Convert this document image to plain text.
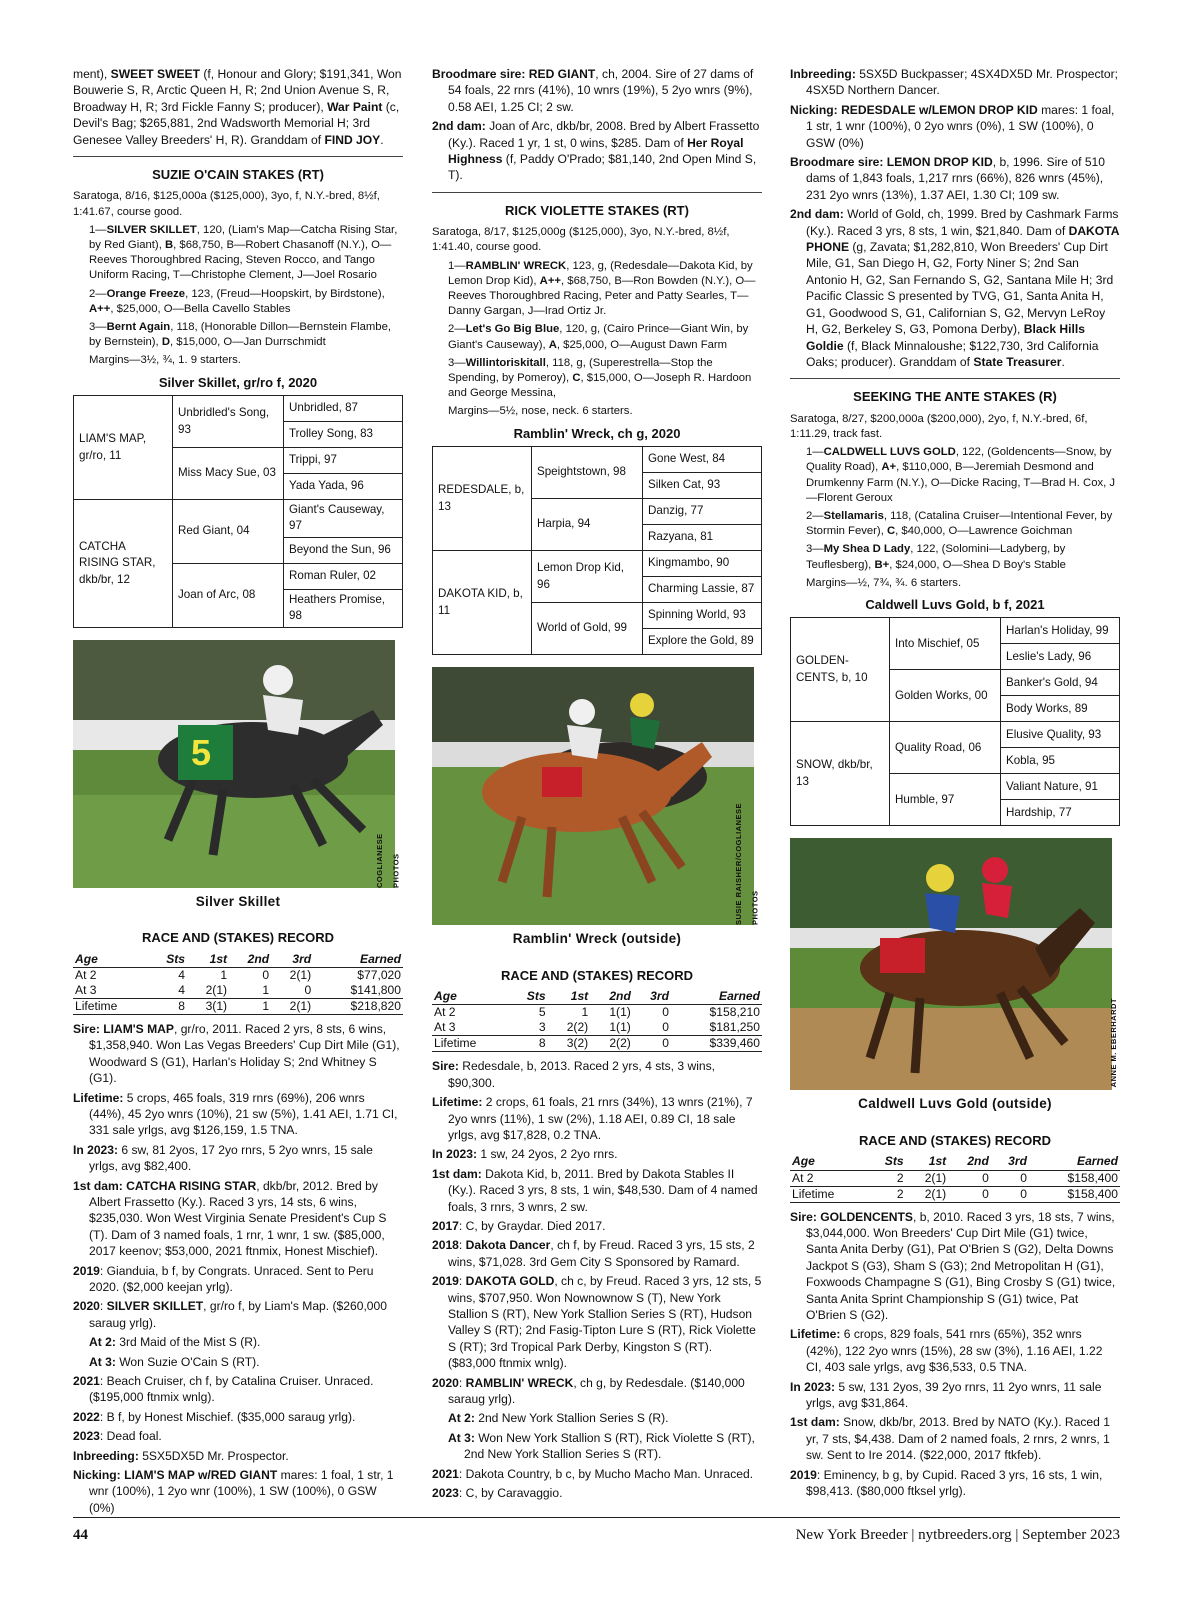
ment), SWEET SWEET (f, Honour and Glory; $191,341, Won Bouwerie S, R, Arctic Queen H, R; 2nd Union Avenue S, R, Broadway H, R; 3rd Fickle Fanny S; producer), War Paint (c, Devil's Bag; $265,881, 2nd Wadsworth Memorial H; 3rd Genesee Valley Breeders' H, R). Granddam of FIND JOY.

SUZIE O'CAIN STAKES (RT)

Saratoga, 8/16, $125,000a ($125,000), 3yo, f, N.Y.-bred, 8½f, 1:41.67, course good.

1—SILVER SKILLET, 120, (Liam's Map—Catcha Rising Star, by Red Giant), B, $68,750, B—Robert Chasanoff (N.Y.), O—Reeves Thoroughbred Racing, Steven Rocco, and Tango Uniform Racing, T—Christophe Clement, J—Joel Rosario

2—Orange Freeze, 123, (Freud—Hoopskirt, by Birdstone), A++, $25,000, O—Bella Cavello Stables

3—Bernt Again, 118, (Honorable Dillon—Bernstein Flambe, by Bernstein), D, $15,000, O—Jan Durrschmidt

Margins—3½, ¾, 1. 9 starters.

Silver Skillet, gr/ro f, 2020
LIAM'S MAP, gr/ro, 11	Unbridled's Song, 93	Unbridled, 87
		Trolley Song, 83
	Miss Macy Sue, 03	Trippi, 97
		Yada Yada, 96
CATCHA RISING STAR, dkb/br, 12	Red Giant, 04	Giant's Causeway, 97
		Beyond the Sun, 96
	Joan of Arc, 08	Roman Ruler, 02
		Heathers Promise, 98
5
COGLIANESE PHOTOS
Silver Skillet
RACE AND (STAKES) RECORD
Age	Sts	1st	2nd	3rd	Earned
At 2	4	1	0	2(1)	$77,020
At 3	4	2(1)	1	0	$141,800
Lifetime	8	3(1)	1	2(1)	$218,820

Sire: LIAM'S MAP, gr/ro, 2011. Raced 2 yrs, 8 sts, 6 wins, $1,358,940. Won Las Vegas Breeders' Cup Dirt Mile (G1), Woodward S (G1), Harlan's Holiday S; 2nd Whitney S (G1).

Lifetime: 5 crops, 465 foals, 319 rnrs (69%), 206 wnrs (44%), 45 2yo wnrs (10%), 21 sw (5%), 1.41 AEI, 1.71 CI, 331 sale yrlgs, avg $126,159, 1.5 TNA.

In 2023: 6 sw, 81 2yos, 17 2yo rnrs, 5 2yo wnrs, 15 sale yrlgs, avg $82,400.

1st dam: CATCHA RISING STAR, dkb/br, 2012. Bred by Albert Frassetto (Ky.). Raced 3 yrs, 14 sts, 6 wins, $235,030. Won West Virginia Senate President's Cup S (T). Dam of 3 named foals, 1 rnr, 1 wnr, 1 sw. ($85,000, 2017 keenov; $53,000, 2021 ftnmix, Honest Mischief).

2019: Gianduia, b f, by Congrats. Unraced. Sent to Peru 2020. ($2,000 keejan yrlg).

2020: SILVER SKILLET, gr/ro f, by Liam's Map. ($260,000 saraug yrlg).

At 2: 3rd Maid of the Mist S (R).

At 3: Won Suzie O'Cain S (RT).

2021: Beach Cruiser, ch f, by Catalina Cruiser. Unraced. ($195,000 ftnmix wnlg).

2022: B f, by Honest Mischief. ($35,000 saraug yrlg).

2023: Dead foal.

Inbreeding: 5SX5DX5D Mr. Prospector.

Nicking: LIAM'S MAP w/RED GIANT mares: 1 foal, 1 str, 1 wnr (100%), 1 2yo wnr (100%), 1 SW (100%), 0 GSW (0%)

Broodmare sire: RED GIANT, ch, 2004. Sire of 27 dams of 54 foals, 22 rnrs (41%), 10 wnrs (19%), 5 2yo wnrs (9%), 0.58 AEI, 1.25 CI; 2 sw.

2nd dam: Joan of Arc, dkb/br, 2008. Bred by Albert Frassetto (Ky.). Raced 1 yr, 1 st, 0 wins, $285. Dam of Her Royal Highness (f, Paddy O'Prado; $81,140, 2nd Open Mind S, T).

RICK VIOLETTE STAKES (RT)

Saratoga, 8/17, $125,000g ($125,000), 3yo, N.Y.-bred, 8½f, 1:41.40, course good.

1—RAMBLIN' WRECK, 123, g, (Redesdale—Dakota Kid, by Lemon Drop Kid), A++, $68,750, B—Ron Bowden (N.Y.), O—Reeves Thoroughbred Racing, Peter and Patty Searles, T—Danny Gargan, J—Irad Ortiz Jr.

2—Let's Go Big Blue, 120, g, (Cairo Prince—Giant Win, by Giant's Causeway), A, $25,000, O—August Dawn Farm

3—Willintoriskitall, 118, g, (Superestrella—Stop the Spending, by Pomeroy), C, $15,000, O—Joseph R. Hardoon and George Messina,

Margins—5½, nose, neck. 6 starters.

Ramblin' Wreck, ch g, 2020
REDESDALE, b, 13	Speightstown, 98	Gone West, 84
		Silken Cat, 93
	Harpia, 94	Danzig, 77
		Razyana, 81
DAKOTA KID, b, 11	Lemon Drop Kid, 96	Kingmambo, 90
		Charming Lassie, 87
	World of Gold, 99	Spinning World, 93
		Explore the Gold, 89
SUSIE RAISHER/COGLIANESE PHOTOS
Ramblin' Wreck (outside)
RACE AND (STAKES) RECORD
Age	Sts	1st	2nd	3rd	Earned
At 2	5	1	1(1)	0	$158,210
At 3	3	2(2)	1(1)	0	$181,250
Lifetime	8	3(2)	2(2)	0	$339,460

Sire: Redesdale, b, 2013. Raced 2 yrs, 4 sts, 3 wins, $90,300.

Lifetime: 2 crops, 61 foals, 21 rnrs (34%), 13 wnrs (21%), 7 2yo wnrs (11%), 1 sw (2%), 1.18 AEI, 0.89 CI, 18 sale yrlgs, avg $17,828, 0.2 TNA.

In 2023: 1 sw, 24 2yos, 2 2yo rnrs.

1st dam: Dakota Kid, b, 2011. Bred by Dakota Stables II (Ky.). Raced 3 yrs, 8 sts, 1 win, $48,530. Dam of 4 named foals, 3 rnrs, 3 wnrs, 2 sw.

2017: C, by Graydar. Died 2017.

2018: Dakota Dancer, ch f, by Freud. Raced 3 yrs, 15 sts, 2 wins, $71,028. 3rd Gem City S Sponsored by Ramard.

2019: DAKOTA GOLD, ch c, by Freud. Raced 3 yrs, 12 sts, 5 wins, $707,950. Won Nownownow S (T), New York Stallion S (RT), New York Stallion Series S (RT), Hudson Valley S (RT); 2nd Fasig-Tipton Lure S (RT), Rick Violette S (RT); 3rd Tropical Park Derby, Kingston S (RT). ($83,000 ftnmix wnlg).

2020: RAMBLIN' WRECK, ch g, by Redesdale. ($140,000 saraug yrlg).

At 2: 2nd New York Stallion Series S (R).

At 3: Won New York Stallion S (RT), Rick Violette S (RT), 2nd New York Stallion Series S (RT).

2021: Dakota Country, b c, by Mucho Macho Man. Unraced.

2023: C, by Caravaggio.

Inbreeding: 5SX5D Buckpasser; 4SX4DX5D Mr. Prospector; 4SX5D Northern Dancer.

Nicking: REDESDALE w/LEMON DROP KID mares: 1 foal, 1 str, 1 wnr (100%), 0 2yo wnrs (0%), 1 SW (100%), 0 GSW (0%)

Broodmare sire: LEMON DROP KID, b, 1996. Sire of 510 dams of 1,843 foals, 1,217 rnrs (66%), 826 wnrs (45%), 231 2yo wnrs (13%), 1.37 AEI, 1.30 CI; 109 sw.

2nd dam: World of Gold, ch, 1999. Bred by Cashmark Farms (Ky.). Raced 3 yrs, 8 sts, 1 win, $21,840. Dam of DAKOTA PHONE (g, Zavata; $1,282,810, Won Breeders' Cup Dirt Mile, G1, San Diego H, G2, Forty Niner S; 2nd San Antonio H, G2, San Fernando S, G2, Santana Mile H; 3rd Pacific Classic S presented by TVG, G1, Santa Anita H, G1, Goodwood S, G1, Californian S, G2, Mervyn LeRoy H, G2, Berkeley S, G3, Pomona Derby), Black Hills Goldie (f, Black Minnaloushe; $122,730, 3rd California Oaks; producer). Granddam of State Treasurer.

SEEKING THE ANTE STAKES (R)

Saratoga, 8/27, $200,000a ($200,000), 2yo, f, N.Y.-bred, 6f, 1:11.29, track fast.

1—CALDWELL LUVS GOLD, 122, (Goldencents—Snow, by Quality Road), A+, $110,000, B—Jeremiah Desmond and Drumkenny Farm (N.Y.), O—Dicke Racing, T—Brad H. Cox, J—Florent Geroux

2—Stellamaris, 118, (Catalina Cruiser—Intentional Fever, by Stormin Fever), C, $40,000, O—Lawrence Goichman

3—My Shea D Lady, 122, (Solomini—Ladyberg, by Teuflesberg), B+, $24,000, O—Shea D Boy's Stable

Margins—½, 7¾, ¾. 6 starters.

Caldwell Luvs Gold, b f, 2021
GOLDEN-CENTS, b, 10	Into Mischief, 05	Harlan's Holiday, 99
		Leslie's Lady, 96
	Golden Works, 00	Banker's Gold, 94
		Body Works, 89
SNOW, dkb/br, 13	Quality Road, 06	Elusive Quality, 93
		Kobla, 95
	Humble, 97	Valiant Nature, 91
		Hardship, 77
ANNE M. EBERHARDT
Caldwell Luvs Gold (outside)
RACE AND (STAKES) RECORD
Age	Sts	1st	2nd	3rd	Earned
At 2	2	2(1)	0	0	$158,400
Lifetime	2	2(1)	0	0	$158,400

Sire: GOLDENCENTS, b, 2010. Raced 3 yrs, 18 sts, 7 wins, $3,044,000. Won Breeders' Cup Dirt Mile (G1) twice, Santa Anita Derby (G1), Pat O'Brien S (G2), Delta Downs Jackpot S (G3), Sham S (G3); 2nd Metropolitan H (G1), Foxwoods Champagne S (G1), Bing Crosby S (G1) twice, Santa Anita Sprint Championship S (G1) twice, Pat O'Brien S (G2).

Lifetime: 6 crops, 829 foals, 541 rnrs (65%), 352 wnrs (42%), 122 2yo wnrs (15%), 28 sw (3%), 1.16 AEI, 1.22 CI, 403 sale yrlgs, avg $36,533, 0.5 TNA.

In 2023: 5 sw, 131 2yos, 39 2yo rnrs, 11 2yo wnrs, 11 sale yrlgs, avg $31,864.

1st dam: Snow, dkb/br, 2013. Bred by NATO (Ky.). Raced 1 yr, 7 sts, $4,438. Dam of 2 named foals, 2 rnrs, 2 wnrs, 1 sw. Sent to Ire 2014. ($22,000, 2017 ftkfeb).

2019: Eminency, b g, by Cupid. Raced 3 yrs, 16 sts, 1 win, $98,413. ($80,000 ftksel yrlg).

44	New York Breeder | nytbreeders.org | September 2023
